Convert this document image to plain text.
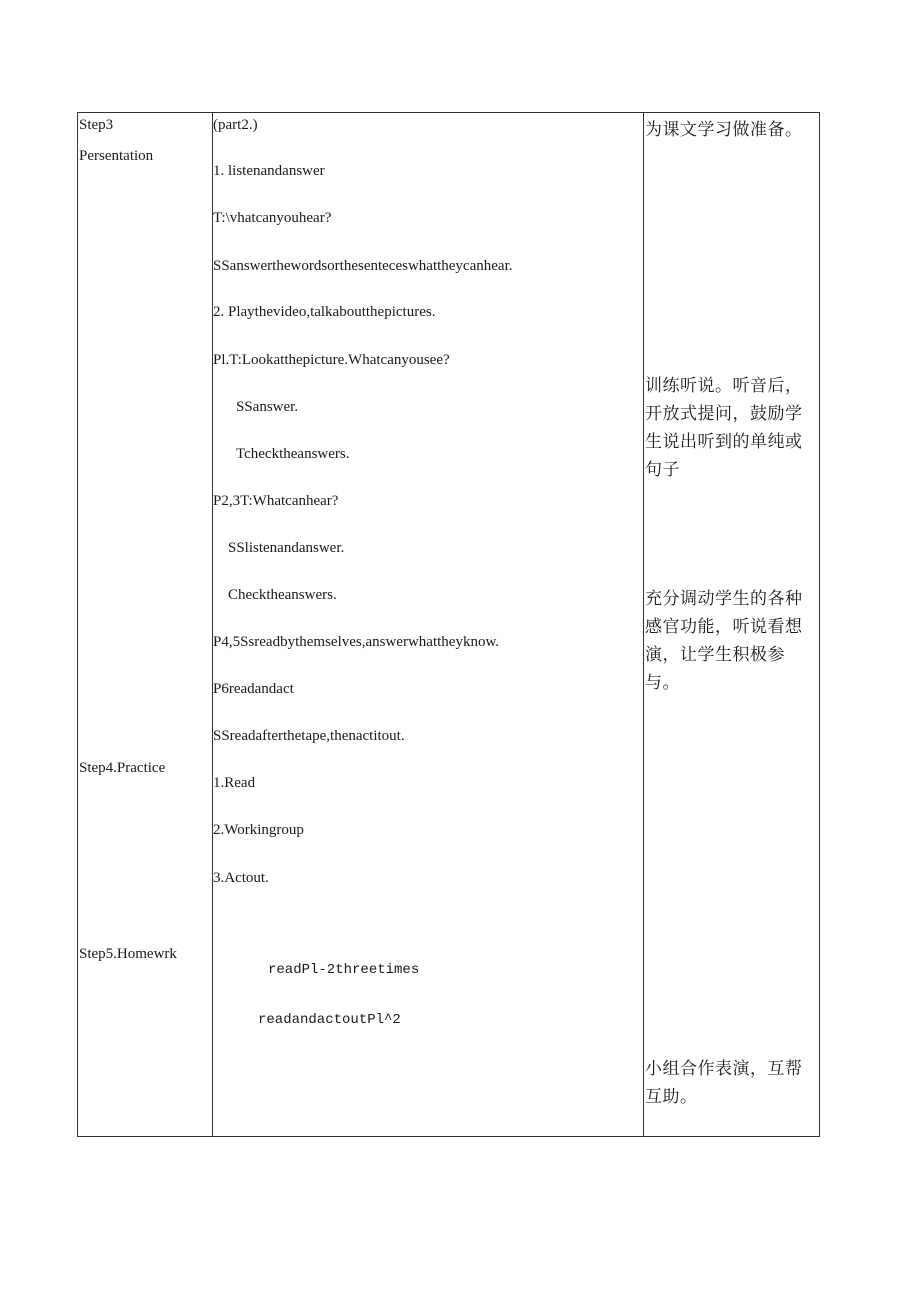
Step3
Persentation
Step4.Practice
Step5.Homewrk
(part2.)
1. listenandanswer
T:\vhatcanyouhear?
SSanswerthewordsorthesenteceswhattheycanhear.
2. Playthevideo,talkaboutthepictures.
Pl.T:Lookatthepicture.Whatcanyousee?
SSanswer.
Tchecktheanswers.
P2,3T:Whatcanhear?
SSlistenandanswer.
Checktheanswers.
P4,5Ssreadbythemselves,answerwhattheyknow.
P6readandact
SSreadafterthetape,thenactitout.
1.Read
2.Workingroup
3.Actout.
readPl-2threetimes
readandactoutPl^2
为课文学习做准备。
训练听说。听音后，开放式提问，鼓励学生说出听到的单纯或句子
充分调动学生的各种感官功能，听说看想演，让学生积极参与。
小组合作表演，互帮互助。
